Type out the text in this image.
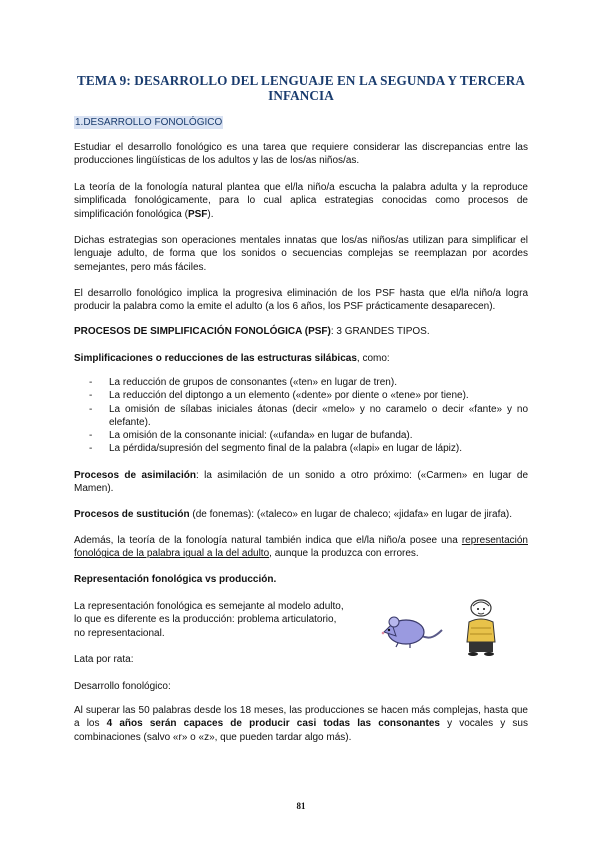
TEMA 9: DESARROLLO DEL LENGUAJE EN LA SEGUNDA Y TERCERA INFANCIA
1.DESARROLLO FONOLÓGICO

Estudiar el desarrollo fonológico es una tarea que requiere considerar las discrepancias entre las producciones lingüísticas de los adultos y las de los/as niños/as.

La teoría de la fonología natural plantea que el/la niño/a escucha la palabra adulta y la reproduce simplificada fonológicamente, para lo cual aplica estrategias conocidas como procesos de simplificación fonológica (PSF).

Dichas estrategias son operaciones mentales innatas que los/as niños/as utilizan para simplificar el lenguaje adulto, de forma que los sonidos o secuencias complejas se reemplazan por acordes semejantes, pero más fáciles.

El desarrollo fonológico implica la progresiva eliminación de los PSF hasta que el/la niño/a logra producir la palabra como la emite el adulto (a los 6 años, los PSF prácticamente desaparecen).

PROCESOS DE SIMPLIFICACIÓN FONOLÓGICA (PSF): 3 GRANDES TIPOS.

Simplificaciones o reducciones de las estructuras silábicas, como:

- La reducción de grupos de consonantes («ten» en lugar de tren).
- La reducción del diptongo a un elemento («dente» por diente o «tene» por tiene).
- La omisión de sílabas iniciales átonas (decir «melo» y no caramelo o decir «fante» y no elefante).
- La omisión de la consonante inicial: («ufanda» en lugar de bufanda).
- La pérdida/supresión del segmento final de la palabra («lapi» en lugar de lápiz).

Procesos de asimilación: la asimilación de un sonido a otro próximo: («Carmen» en lugar de Mamen).

Procesos de sustitución (de fonemas): («taleco» en lugar de chaleco; «jidafa» en lugar de jirafa).

Además, la teoría de la fonología natural también indica que el/la niño/a posee una representación fonológica de la palabra igual a la del adulto, aunque la produzca con errores.

Representación fonológica vs producción.

La representación fonológica es semejante al modelo adulto,
lo que es diferente es la producción: problema articulatorio,
no representacional.

Lata por rata:

Desarrollo fonológico:

Al superar las 50 palabras desde los 18 meses, las producciones se hacen más complejas, hasta que a los 4 años serán capaces de producir casi todas las consonantes y vocales y sus combinaciones (salvo «r» o «z», que pueden tardar algo más).

81
